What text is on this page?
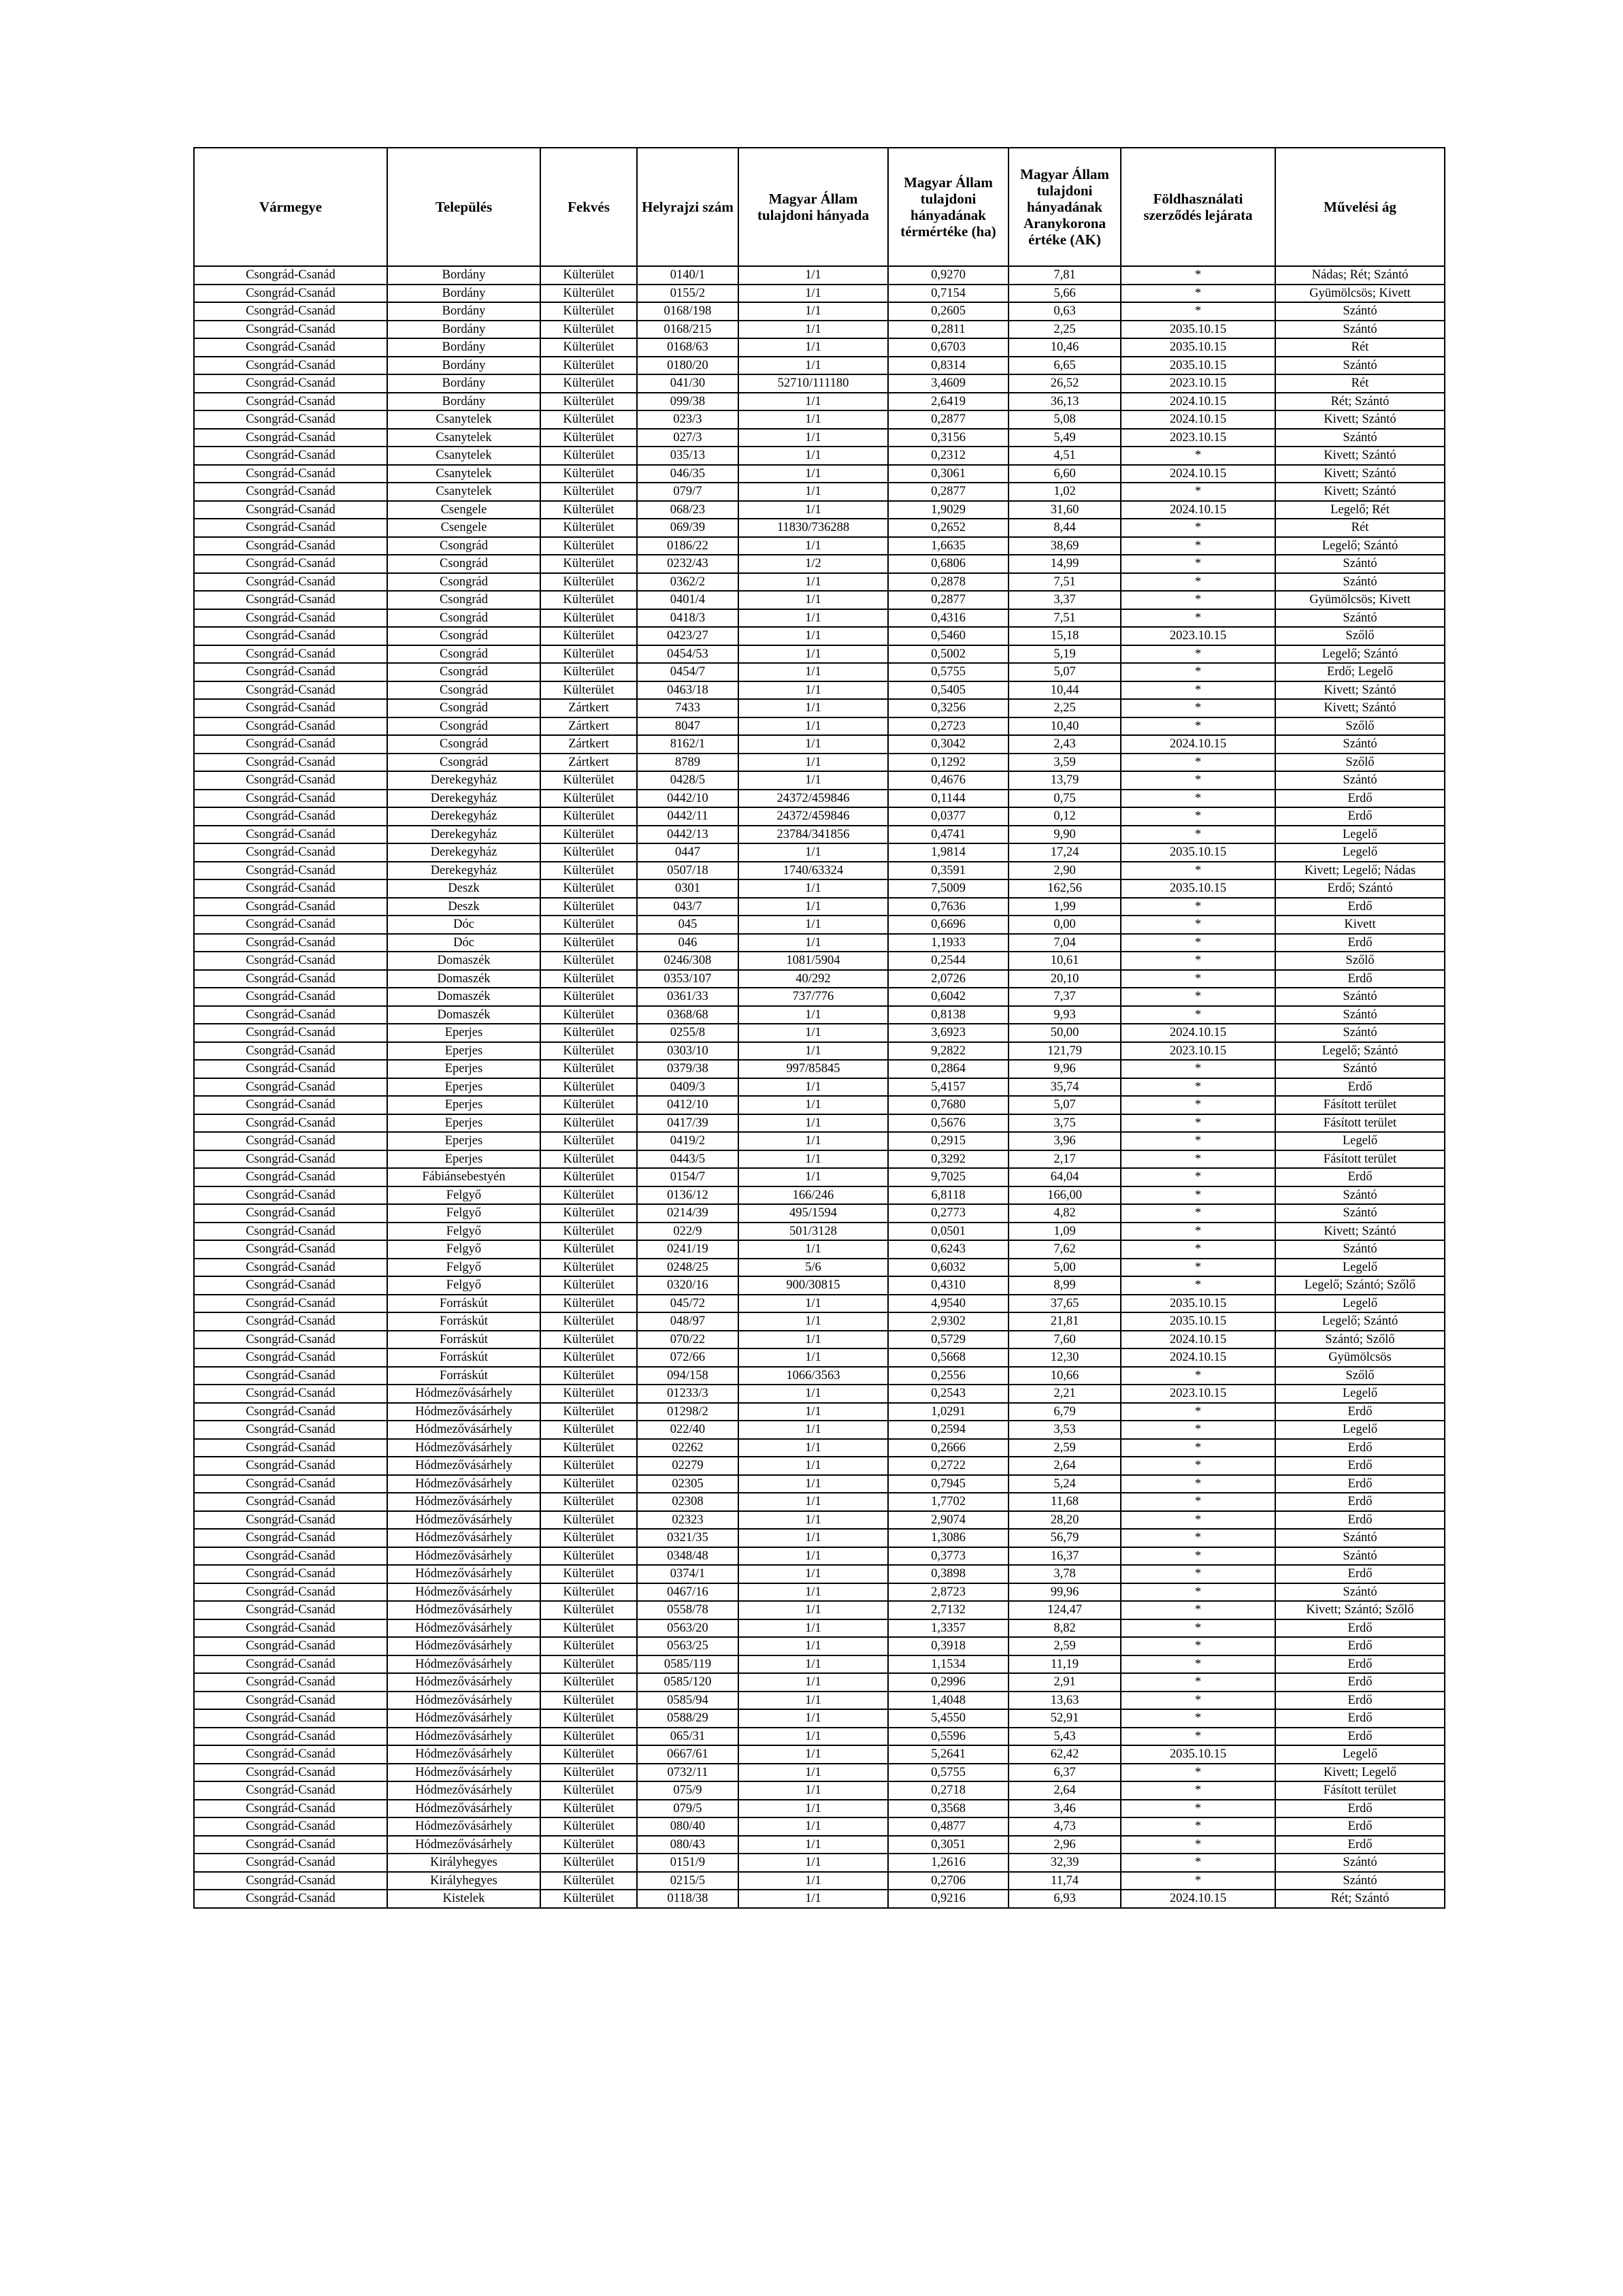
Vármegye	Település	Fekvés	Helyrajzi szám	Magyar Állam tulajdoni hányada	Magyar Állam tulajdoni hányadának térmértéke (ha)	Magyar Állam tulajdoni hányadának Aranykorona értéke (AK)	Földhasználati szerződés lejárata	Művelési ág
Csongrád-Csanád	Bordány	Külterület	0140/1	1/1	0,9270	7,81	*	Nádas; Rét; Szántó
Csongrád-Csanád	Bordány	Külterület	0155/2	1/1	0,7154	5,66	*	Gyümölcsös; Kivett
Csongrád-Csanád	Bordány	Külterület	0168/198	1/1	0,2605	0,63	*	Szántó
Csongrád-Csanád	Bordány	Külterület	0168/215	1/1	0,2811	2,25	2035.10.15	Szántó
Csongrád-Csanád	Bordány	Külterület	0168/63	1/1	0,6703	10,46	2035.10.15	Rét
Csongrád-Csanád	Bordány	Külterület	0180/20	1/1	0,8314	6,65	2035.10.15	Szántó
Csongrád-Csanád	Bordány	Külterület	041/30	52710/111180	3,4609	26,52	2023.10.15	Rét
Csongrád-Csanád	Bordány	Külterület	099/38	1/1	2,6419	36,13	2024.10.15	Rét; Szántó
Csongrád-Csanád	Csanytelek	Külterület	023/3	1/1	0,2877	5,08	2024.10.15	Kivett; Szántó
Csongrád-Csanád	Csanytelek	Külterület	027/3	1/1	0,3156	5,49	2023.10.15	Szántó
Csongrád-Csanád	Csanytelek	Külterület	035/13	1/1	0,2312	4,51	*	Kivett; Szántó
Csongrád-Csanád	Csanytelek	Külterület	046/35	1/1	0,3061	6,60	2024.10.15	Kivett; Szántó
Csongrád-Csanád	Csanytelek	Külterület	079/7	1/1	0,2877	1,02	*	Kivett; Szántó
Csongrád-Csanád	Csengele	Külterület	068/23	1/1	1,9029	31,60	2024.10.15	Legelő; Rét
Csongrád-Csanád	Csengele	Külterület	069/39	11830/736288	0,2652	8,44	*	Rét
Csongrád-Csanád	Csongrád	Külterület	0186/22	1/1	1,6635	38,69	*	Legelő; Szántó
Csongrád-Csanád	Csongrád	Külterület	0232/43	1/2	0,6806	14,99	*	Szántó
Csongrád-Csanád	Csongrád	Külterület	0362/2	1/1	0,2878	7,51	*	Szántó
Csongrád-Csanád	Csongrád	Külterület	0401/4	1/1	0,2877	3,37	*	Gyümölcsös; Kivett
Csongrád-Csanád	Csongrád	Külterület	0418/3	1/1	0,4316	7,51	*	Szántó
Csongrád-Csanád	Csongrád	Külterület	0423/27	1/1	0,5460	15,18	2023.10.15	Szőlő
Csongrád-Csanád	Csongrád	Külterület	0454/53	1/1	0,5002	5,19	*	Legelő; Szántó
Csongrád-Csanád	Csongrád	Külterület	0454/7	1/1	0,5755	5,07	*	Erdő; Legelő
Csongrád-Csanád	Csongrád	Külterület	0463/18	1/1	0,5405	10,44	*	Kivett; Szántó
Csongrád-Csanád	Csongrád	Zártkert	7433	1/1	0,3256	2,25	*	Kivett; Szántó
Csongrád-Csanád	Csongrád	Zártkert	8047	1/1	0,2723	10,40	*	Szőlő
Csongrád-Csanád	Csongrád	Zártkert	8162/1	1/1	0,3042	2,43	2024.10.15	Szántó
Csongrád-Csanád	Csongrád	Zártkert	8789	1/1	0,1292	3,59	*	Szőlő
Csongrád-Csanád	Derekegyház	Külterület	0428/5	1/1	0,4676	13,79	*	Szántó
Csongrád-Csanád	Derekegyház	Külterület	0442/10	24372/459846	0,1144	0,75	*	Erdő
Csongrád-Csanád	Derekegyház	Külterület	0442/11	24372/459846	0,0377	0,12	*	Erdő
Csongrád-Csanád	Derekegyház	Külterület	0442/13	23784/341856	0,4741	9,90	*	Legelő
Csongrád-Csanád	Derekegyház	Külterület	0447	1/1	1,9814	17,24	2035.10.15	Legelő
Csongrád-Csanád	Derekegyház	Külterület	0507/18	1740/63324	0,3591	2,90	*	Kivett; Legelő; Nádas
Csongrád-Csanád	Deszk	Külterület	0301	1/1	7,5009	162,56	2035.10.15	Erdő; Szántó
Csongrád-Csanád	Deszk	Külterület	043/7	1/1	0,7636	1,99	*	Erdő
Csongrád-Csanád	Dóc	Külterület	045	1/1	0,6696	0,00	*	Kivett
Csongrád-Csanád	Dóc	Külterület	046	1/1	1,1933	7,04	*	Erdő
Csongrád-Csanád	Domaszék	Külterület	0246/308	1081/5904	0,2544	10,61	*	Szőlő
Csongrád-Csanád	Domaszék	Külterület	0353/107	40/292	2,0726	20,10	*	Erdő
Csongrád-Csanád	Domaszék	Külterület	0361/33	737/776	0,6042	7,37	*	Szántó
Csongrád-Csanád	Domaszék	Külterület	0368/68	1/1	0,8138	9,93	*	Szántó
Csongrád-Csanád	Eperjes	Külterület	0255/8	1/1	3,6923	50,00	2024.10.15	Szántó
Csongrád-Csanád	Eperjes	Külterület	0303/10	1/1	9,2822	121,79	2023.10.15	Legelő; Szántó
Csongrád-Csanád	Eperjes	Külterület	0379/38	997/85845	0,2864	9,96	*	Szántó
Csongrád-Csanád	Eperjes	Külterület	0409/3	1/1	5,4157	35,74	*	Erdő
Csongrád-Csanád	Eperjes	Külterület	0412/10	1/1	0,7680	5,07	*	Fásított terület
Csongrád-Csanád	Eperjes	Külterület	0417/39	1/1	0,5676	3,75	*	Fásított terület
Csongrád-Csanád	Eperjes	Külterület	0419/2	1/1	0,2915	3,96	*	Legelő
Csongrád-Csanád	Eperjes	Külterület	0443/5	1/1	0,3292	2,17	*	Fásított terület
Csongrád-Csanád	Fábiánsebestyén	Külterület	0154/7	1/1	9,7025	64,04	*	Erdő
Csongrád-Csanád	Felgyő	Külterület	0136/12	166/246	6,8118	166,00	*	Szántó
Csongrád-Csanád	Felgyő	Külterület	0214/39	495/1594	0,2773	4,82	*	Szántó
Csongrád-Csanád	Felgyő	Külterület	022/9	501/3128	0,0501	1,09	*	Kivett; Szántó
Csongrád-Csanád	Felgyő	Külterület	0241/19	1/1	0,6243	7,62	*	Szántó
Csongrád-Csanád	Felgyő	Külterület	0248/25	5/6	0,6032	5,00	*	Legelő
Csongrád-Csanád	Felgyő	Külterület	0320/16	900/30815	0,4310	8,99	*	Legelő; Szántó; Szőlő
Csongrád-Csanád	Forráskút	Külterület	045/72	1/1	4,9540	37,65	2035.10.15	Legelő
Csongrád-Csanád	Forráskút	Külterület	048/97	1/1	2,9302	21,81	2035.10.15	Legelő; Szántó
Csongrád-Csanád	Forráskút	Külterület	070/22	1/1	0,5729	7,60	2024.10.15	Szántó; Szőlő
Csongrád-Csanád	Forráskút	Külterület	072/66	1/1	0,5668	12,30	2024.10.15	Gyümölcsös
Csongrád-Csanád	Forráskút	Külterület	094/158	1066/3563	0,2556	10,66	*	Szőlő
Csongrád-Csanád	Hódmezővásárhely	Külterület	01233/3	1/1	0,2543	2,21	2023.10.15	Legelő
Csongrád-Csanád	Hódmezővásárhely	Külterület	01298/2	1/1	1,0291	6,79	*	Erdő
Csongrád-Csanád	Hódmezővásárhely	Külterület	022/40	1/1	0,2594	3,53	*	Legelő
Csongrád-Csanád	Hódmezővásárhely	Külterület	02262	1/1	0,2666	2,59	*	Erdő
Csongrád-Csanád	Hódmezővásárhely	Külterület	02279	1/1	0,2722	2,64	*	Erdő
Csongrád-Csanád	Hódmezővásárhely	Külterület	02305	1/1	0,7945	5,24	*	Erdő
Csongrád-Csanád	Hódmezővásárhely	Külterület	02308	1/1	1,7702	11,68	*	Erdő
Csongrád-Csanád	Hódmezővásárhely	Külterület	02323	1/1	2,9074	28,20	*	Erdő
Csongrád-Csanád	Hódmezővásárhely	Külterület	0321/35	1/1	1,3086	56,79	*	Szántó
Csongrád-Csanád	Hódmezővásárhely	Külterület	0348/48	1/1	0,3773	16,37	*	Szántó
Csongrád-Csanád	Hódmezővásárhely	Külterület	0374/1	1/1	0,3898	3,78	*	Erdő
Csongrád-Csanád	Hódmezővásárhely	Külterület	0467/16	1/1	2,8723	99,96	*	Szántó
Csongrád-Csanád	Hódmezővásárhely	Külterület	0558/78	1/1	2,7132	124,47	*	Kivett; Szántó; Szőlő
Csongrád-Csanád	Hódmezővásárhely	Külterület	0563/20	1/1	1,3357	8,82	*	Erdő
Csongrád-Csanád	Hódmezővásárhely	Külterület	0563/25	1/1	0,3918	2,59	*	Erdő
Csongrád-Csanád	Hódmezővásárhely	Külterület	0585/119	1/1	1,1534	11,19	*	Erdő
Csongrád-Csanád	Hódmezővásárhely	Külterület	0585/120	1/1	0,2996	2,91	*	Erdő
Csongrád-Csanád	Hódmezővásárhely	Külterület	0585/94	1/1	1,4048	13,63	*	Erdő
Csongrád-Csanád	Hódmezővásárhely	Külterület	0588/29	1/1	5,4550	52,91	*	Erdő
Csongrád-Csanád	Hódmezővásárhely	Külterület	065/31	1/1	0,5596	5,43	*	Erdő
Csongrád-Csanád	Hódmezővásárhely	Külterület	0667/61	1/1	5,2641	62,42	2035.10.15	Legelő
Csongrád-Csanád	Hódmezővásárhely	Külterület	0732/11	1/1	0,5755	6,37	*	Kivett; Legelő
Csongrád-Csanád	Hódmezővásárhely	Külterület	075/9	1/1	0,2718	2,64	*	Fásított terület
Csongrád-Csanád	Hódmezővásárhely	Külterület	079/5	1/1	0,3568	3,46	*	Erdő
Csongrád-Csanád	Hódmezővásárhely	Külterület	080/40	1/1	0,4877	4,73	*	Erdő
Csongrád-Csanád	Hódmezővásárhely	Külterület	080/43	1/1	0,3051	2,96	*	Erdő
Csongrád-Csanád	Királyhegyes	Külterület	0151/9	1/1	1,2616	32,39	*	Szántó
Csongrád-Csanád	Királyhegyes	Külterület	0215/5	1/1	0,2706	11,74	*	Szántó
Csongrád-Csanád	Kistelek	Külterület	0118/38	1/1	0,9216	6,93	2024.10.15	Rét; Szántó
